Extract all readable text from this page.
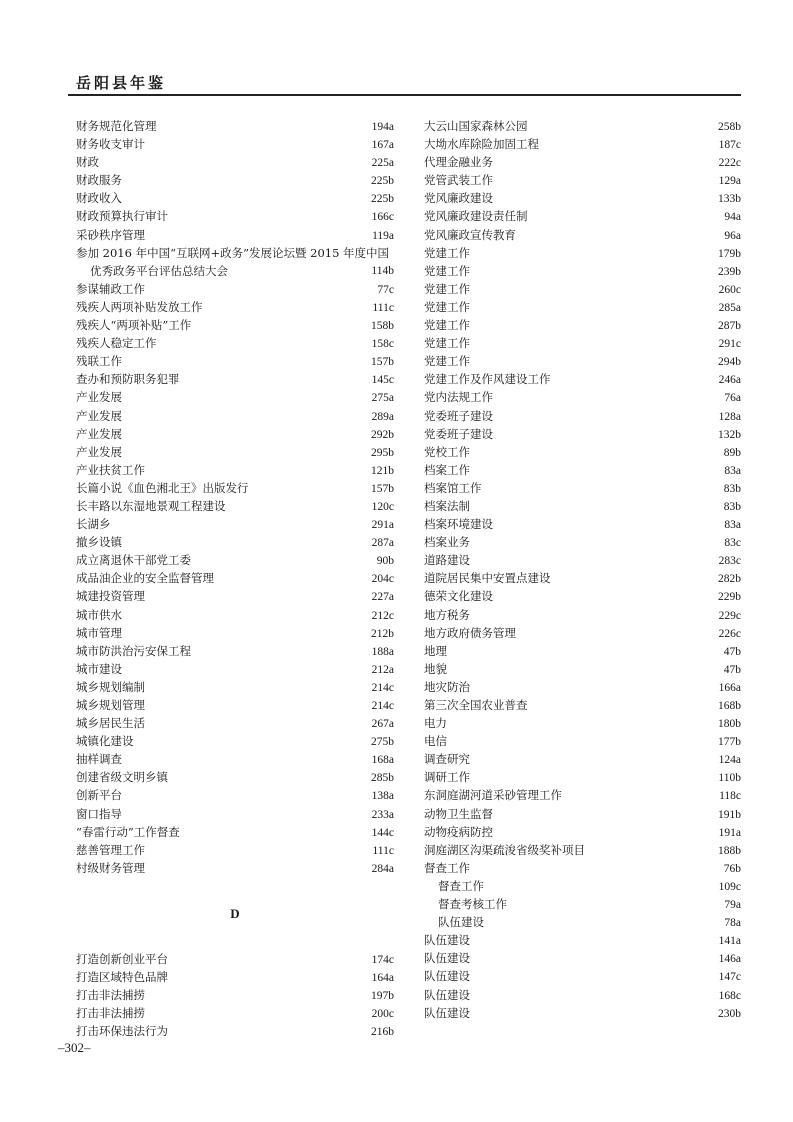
岳阳县年鉴
财务规范化管理	194a
财务收支审计	167a
财政	225a
财政服务	225b
财政收入	225b
财政预算执行审计	166c
采砂秩序管理	119a
参加 2016 年中国“互联网+政务”发展论坛暨 2015 年度中国
优秀政务平台评估总结大会	114b
参谋辅政工作	77c
残疾人两项补贴发放工作	111c
残疾人“两项补贴”工作	158b
残疾人稳定工作	158c
残联工作	157b
查办和预防职务犯罪	145c
产业发展	275a
产业发展	289a
产业发展	292b
产业发展	295b
产业扶贫工作	121b
长篇小说《血色湘北王》出版发行	157b
长丰路以东湿地景观工程建设	120c
长湖乡	291a
撤乡设镇	287a
成立离退休干部党工委	90b
成品油企业的安全监督管理	204c
城建投资管理	227a
城市供水	212c
城市管理	212b
城市防洪治污安保工程	188a
城市建设	212a
城乡规划编制	214c
城乡规划管理	214c
城乡居民生活	267a
城镇化建设	275b
抽样调查	168a
创建省级文明乡镇	285b
创新平台	138a
窗口指导	233a
“春雷行动”工作督查	144c
慈善管理工作	111c
村级财务管理	284a
D
打造创新创业平台	174c
打造区域特色品牌	164a
打击非法捕捞	197b
打击非法捕捞	200c
打击环保违法行为	216b
大云山国家森林公园	258b
大坳水库除险加固工程	187c
代理金融业务	222c
党管武装工作	129a
党风廉政建设	133b
党风廉政建设责任制	94a
党风廉政宣传教育	96a
党建工作	179b
党建工作	239b
党建工作	260c
党建工作	285a
党建工作	287b
党建工作	291c
党建工作	294b
党建工作及作风建设工作	246a
党内法规工作	76a
党委班子建设	128a
党委班子建设	132b
党校工作	89b
档案工作	83a
档案馆工作	83b
档案法制	83b
档案环境建设	83a
档案业务	83c
道路建设	283c
道院居民集中安置点建设	282b
德荣文化建设	229b
地方税务	229c
地方政府债务管理	226c
地理	47b
地貌	47b
地灾防治	166a
第三次全国农业普查	168b
电力	180b
电信	177b
调查研究	124a
调研工作	110b
东洞庭湖河道采砂管理工作	118c
动物卫生监督	191b
动物疫病防控	191a
洞庭湖区沟渠疏浚省级奖补项目	188b
督查工作	76b
督查工作	109c
督查考核工作	79a
队伍建设	78a
队伍建设	141a
队伍建设	146a
队伍建设	147c
队伍建设	168c
队伍建设	230b
–302–
